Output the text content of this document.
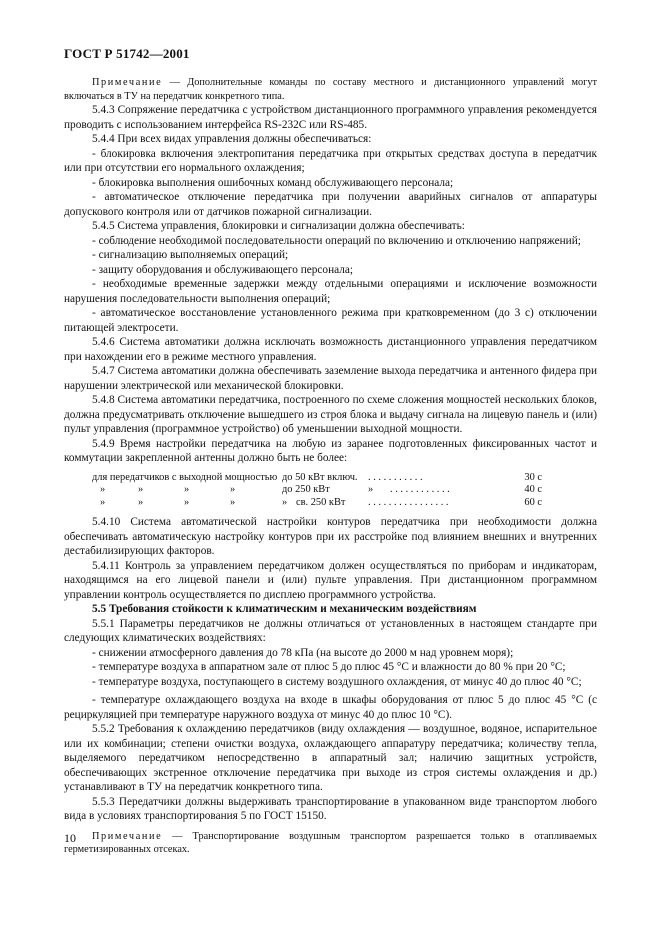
ГОСТ Р 51742—2001

Примечание — Дополнительные команды по составу местного и дистанционного управлений могут включаться в ТУ на передатчик конкретного типа.

5.4.3 Сопряжение передатчика с устройством дистанционного программного управления рекомендуется проводить с использованием интерфейса RS-232C или RS-485.

5.4.4 При всех видах управления должны обеспечиваться:

- блокировка включения электропитания передатчика при открытых средствах доступа в передатчик или при отсутствии его нормального охлаждения;

- блокировка выполнения ошибочных команд обслуживающего персонала;

- автоматическое отключение передатчика при получении аварийных сигналов от аппаратуры допускового контроля или от датчиков пожарной сигнализации.

5.4.5 Система управления, блокировки и сигнализации должна обеспечивать:

- соблюдение необходимой последовательности операций по включению и отключению напряжений;

- сигнализацию выполняемых операций;

- защиту оборудования и обслуживающего персонала;

- необходимые временные задержки между отдельными операциями и исключение возможности нарушения последовательности выполнения операций;

- автоматическое восстановление установленного режима при кратковременном (до 3 с) отключении питающей электросети.

5.4.6 Система автоматики должна исключать возможность дистанционного управления передатчиком при нахождении его в режиме местного управления.

5.4.7 Система автоматики должна обеспечивать заземление выхода передатчика и антенного фидера при нарушении электрической или механической блокировки.

5.4.8 Система автоматики передатчика, построенного по схеме сложения мощностей нескольких блоков, должна предусматривать отключение вышедшего из строя блока и выдачу сигнала на лицевую панель и (или) пульт управления (программное устройство) об уменьшении выходной мощности.

5.4.9 Время настройки передатчика на любую из заранее подготовленных фиксированных частот и коммутации закрепленной антенны должно быть не более:

для передатчиков с выходной мощностью	до 50 кВт включ.	. . . . . . . . . . .	30 с
» » » »	до 250 кВт	» . . . . . . . . . . . .	40 с
» » » »	» св. 250 кВт	. . . . . . . . . . . . . . . .	60 с

5.4.10 Система автоматической настройки контуров передатчика при необходимости должна обеспечивать автоматическую настройку контуров при их расстройке под влиянием внешних и внутренних дестабилизирующих факторов.

5.4.11 Контроль за управлением передатчиком должен осуществляться по приборам и индикаторам, находящимся на его лицевой панели и (или) пульте управления. При дистанционном программном управлении контроль осуществляется по дисплею программного устройства.

5.5 Требования стойкости к климатическим и механическим воздействиям

5.5.1 Параметры передатчиков не должны отличаться от установленных в настоящем стандарте при следующих климатических воздействиях:

- снижении атмосферного давления до 78 кПа (на высоте до 2000 м над уровнем моря);

- температуре воздуха в аппаратном зале от плюс 5 до плюс 45 °С и влажности до 80 % при 20 °С;

- температуре воздуха, поступающего в систему воздушного охлаждения, от минус 40 до плюс 40 °С;

- температуре охлаждающего воздуха на входе в шкафы оборудования от плюс 5 до плюс 45 °С (с рециркуляцией при температуре наружного воздуха от минус 40 до плюс 10 °С).

5.5.2 Требования к охлаждению передатчиков (виду охлаждения — воздушное, водяное, испарительное или их комбинации; степени очистки воздуха, охлаждающего аппаратуру передатчика; количеству тепла, выделяемого передатчиком непосредственно в аппаратный зал; наличию защитных устройств, обеспечивающих экстренное отключение передатчика при выходе из строя системы охлаждения и др.) устанавливают в ТУ на передатчик конкретного типа.

5.5.3 Передатчики должны выдерживать транспортирование в упакованном виде транспортом любого вида в условиях транспортирования 5 по ГОСТ 15150.

Примечание — Транспортирование воздушным транспортом разрешается только в отапливаемых герметизированных отсеках.

10
